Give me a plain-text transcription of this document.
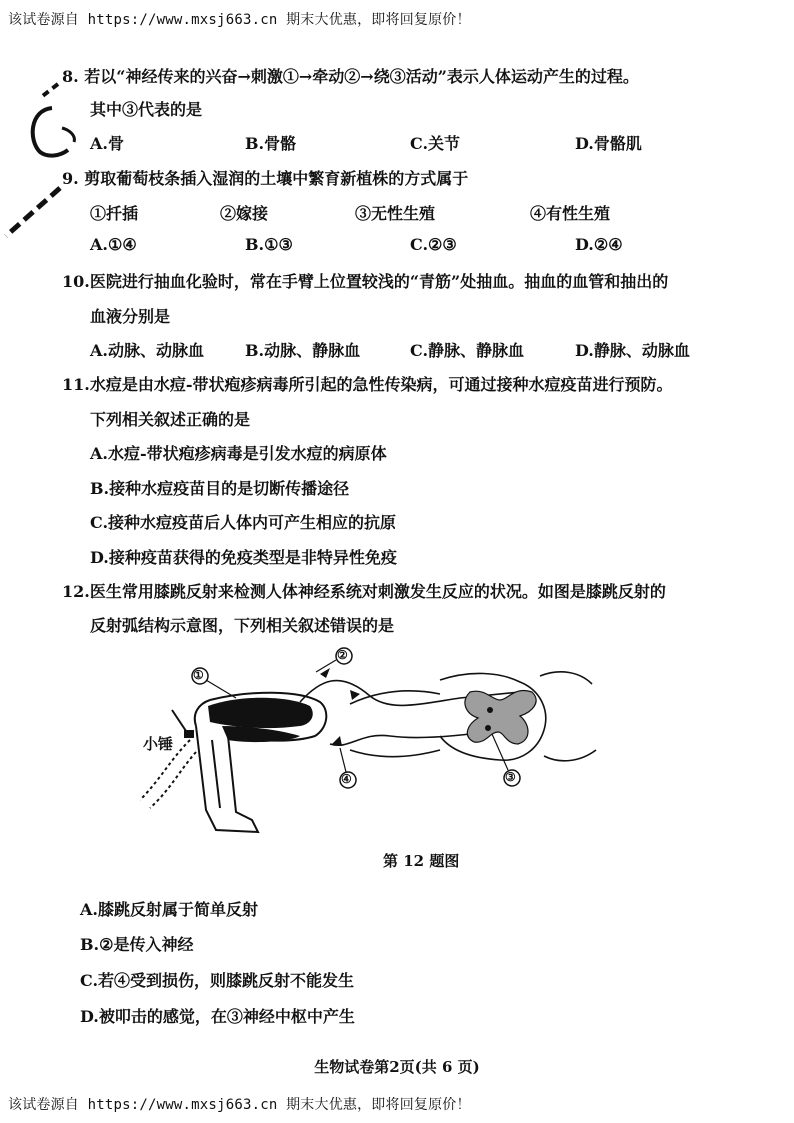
该试卷源自 https://www.mxsj663.cn 期末大优惠，即将回复原价！
8. 若以“神经传来的兴奋→刺激①→牵动②→绕③活动”表示人体运动产生的过程。
其中③代表的是
A.骨	B.骨骼	C.关节	D.骨骼肌
9. 剪取葡萄枝条插入湿润的土壤中繁育新植株的方式属于
①扦插	②嫁接	③无性生殖	④有性生殖
A.①④	B.①③	C.②③	D.②④
10.医院进行抽血化验时，常在手臂上位置较浅的“青筋”处抽血。抽血的血管和抽出的
血液分别是
A.动脉、动脉血	B.动脉、静脉血	C.静脉、静脉血	D.静脉、动脉血
11.水痘是由水痘-带状疱疹病毒所引起的急性传染病，可通过接种水痘疫苗进行预防。
下列相关叙述正确的是
A.水痘-带状疱疹病毒是引发水痘的病原体
B.接种水痘疫苗目的是切断传播途径
C.接种水痘疫苗后人体内可产生相应的抗原
D.接种疫苗获得的免疫类型是非特异性免疫
12.医生常用膝跳反射来检测人体神经系统对刺激发生反应的状况。如图是膝跳反射的
反射弧结构示意图，下列相关叙述错误的是
①
②
③
④
小锤
第 12 题图
A.膝跳反射属于简单反射
B.②是传入神经
C.若④受到损伤，则膝跳反射不能发生
D.被叩击的感觉，在③神经中枢中产生
生物试卷第2页(共 6 页)
该试卷源自 https://www.mxsj663.cn 期末大优惠，即将回复原价！
